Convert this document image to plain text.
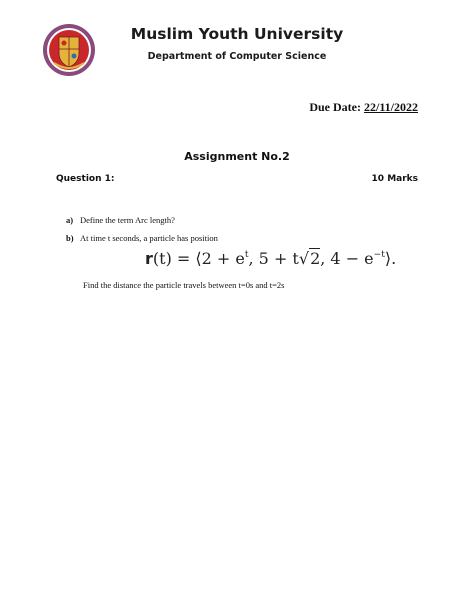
Muslim Youth University
Department of Computer Science
Due Date: 22/11/2022
Assignment No.2
Question 1:	10 Marks
a) Define the term Arc length?
b) At time t seconds, a particle has position
r(t) = ⟨2 + $e^t$, 5 + t√2, $4 - e^{-t}⟩$.
Find the distance the particle travels between t=0s and t=2s
